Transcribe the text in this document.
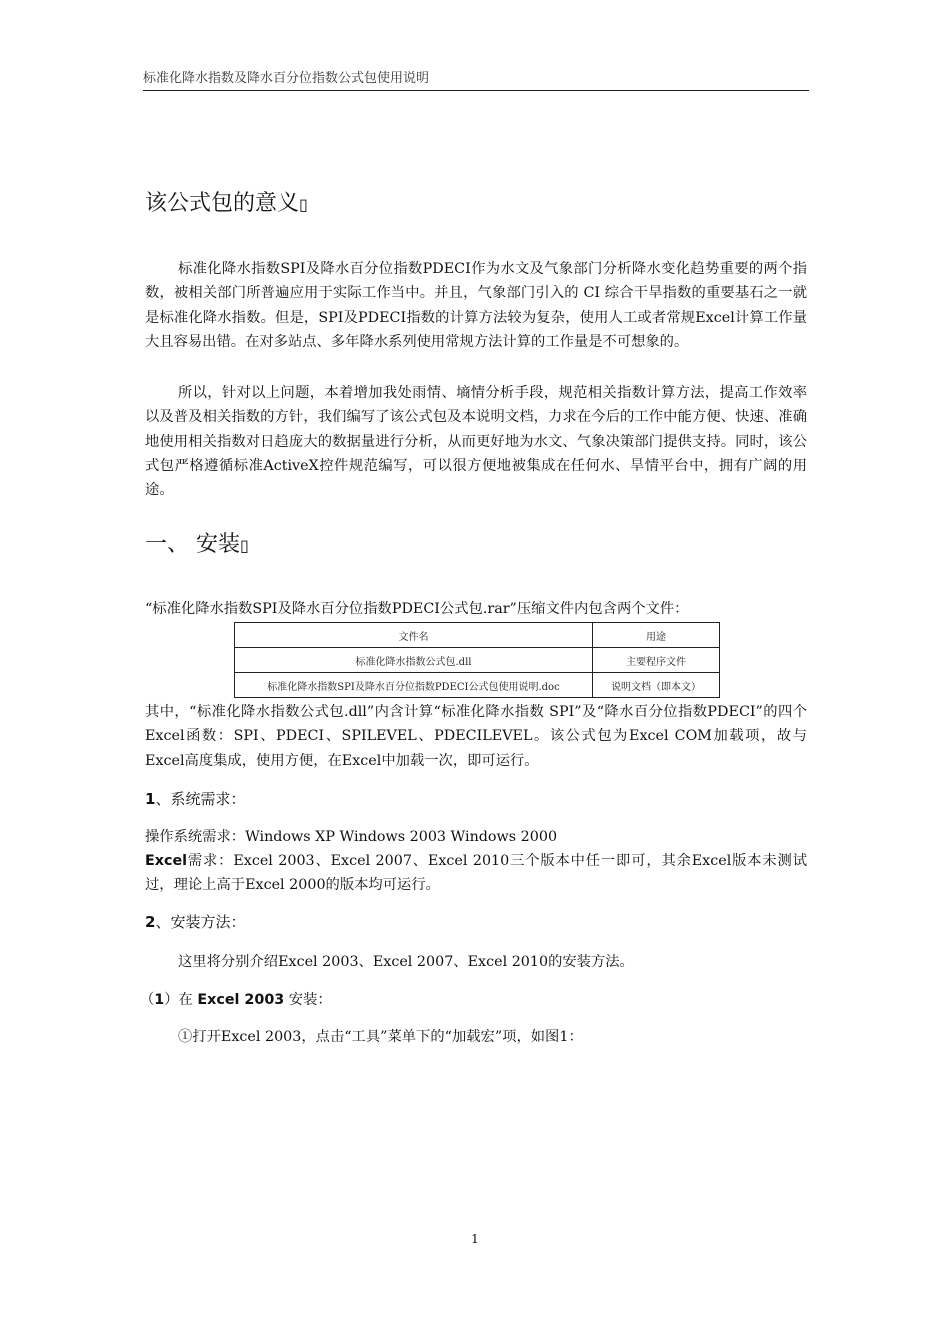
标准化降水指数及降水百分位指数公式包使用说明
该公式包的意义▯
标准化降水指数SPI及降水百分位指数PDECI作为水文及气象部门分析降水变化趋势重要的两个指数，被相关部门所普遍应用于实际工作当中。并且，气象部门引入的 CI 综合干旱指数的重要基石之一就是标准化降水指数。但是，SPI及PDECI指数的计算方法较为复杂，使用人工或者常规Excel计算工作量大且容易出错。在对多站点、多年降水系列使用常规方法计算的工作量是不可想象的。
所以，针对以上问题，本着增加我处雨情、墒情分析手段，规范相关指数计算方法，提高工作效率以及普及相关指数的方针，我们编写了该公式包及本说明文档，力求在今后的工作中能方便、快速、准确地使用相关指数对日趋庞大的数据量进行分析，从而更好地为水文、气象决策部门提供支持。同时，该公式包严格遵循标准ActiveX控件规范编写，可以很方便地被集成在任何水、旱情平台中，拥有广阔的用途。
一、 安装▯
“标准化降水指数SPI及降水百分位指数PDECI公式包.rar”压缩文件内包含两个文件：
文件名	用途
标准化降水指数公式包.dll	主要程序文件
标准化降水指数SPI及降水百分位指数PDECI公式包使用说明.doc	说明文档（即本文）
其中，“标准化降水指数公式包.dll”内含计算“标准化降水指数 SPI”及“降水百分位指数PDECI”的四个Excel函数：SPI、PDECI、SPILEVEL、PDECILEVEL。该公式包为Excel COM加载项，故与Excel高度集成，使用方便，在Excel中加载一次，即可运行。
1、系统需求：
操作系统需求：Windows XP Windows 2003 Windows 2000
Excel需求：Excel 2003、Excel 2007、Excel 2010三个版本中任一即可，其余Excel版本未测试过，理论上高于Excel 2000的版本均可运行。
2、安装方法：
这里将分别介绍Excel 2003、Excel 2007、Excel 2010的安装方法。
（1）在 Excel 2003 安装：
①打开Excel 2003，点击“工具”菜单下的“加载宏”项，如图1：
1
